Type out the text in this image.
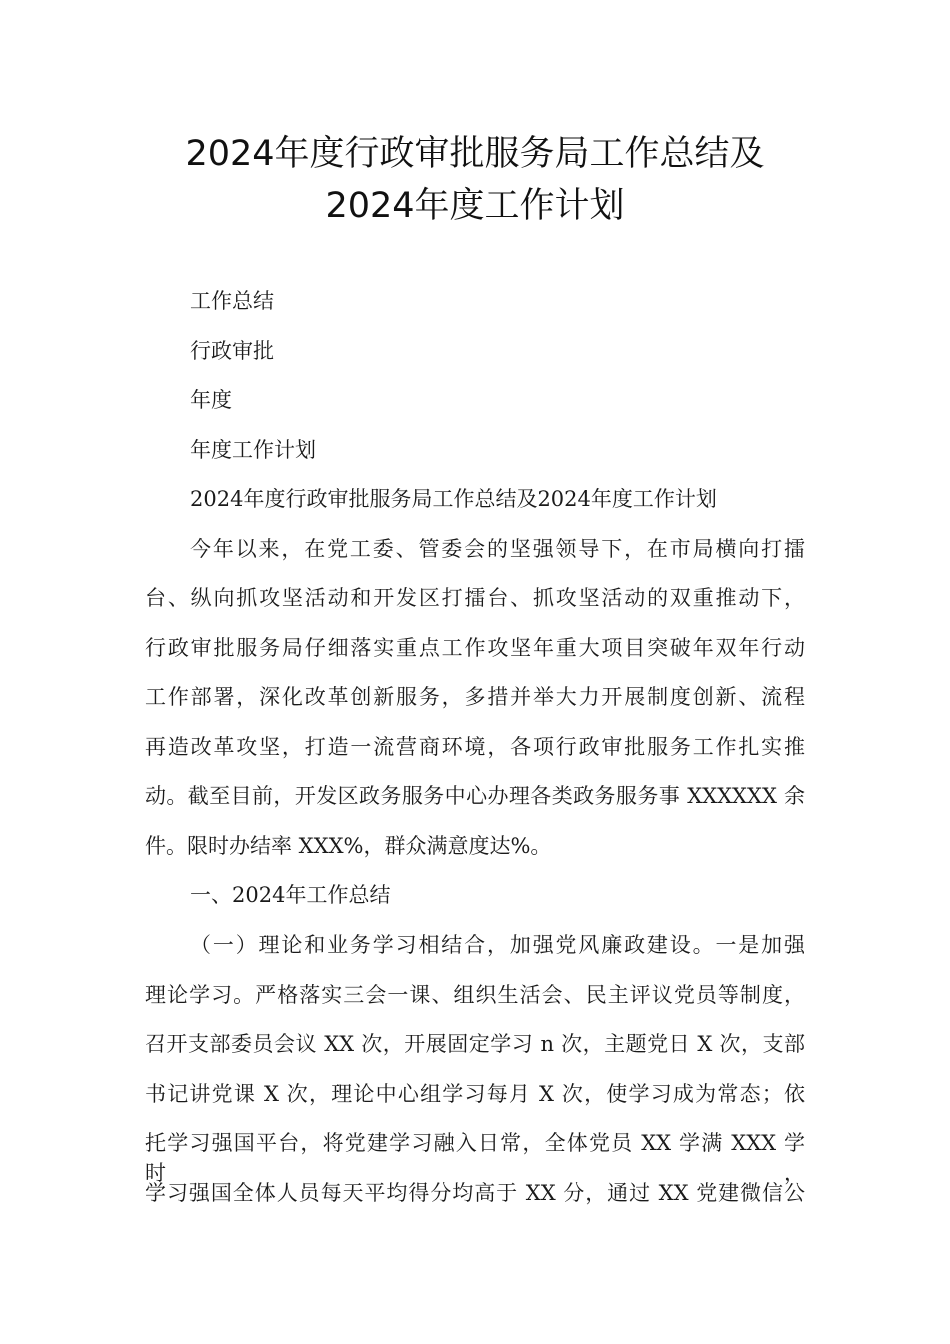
2024年度行政审批服务局工作总结及
2024年度工作计划

工作总结

行政审批

年度

年度工作计划

2024年度行政审批服务局工作总结及2024年度工作计划

今年以来，在党工委、管委会的坚强领导下，在市局横向打擂

台、纵向抓攻坚活动和开发区打擂台、抓攻坚活动的双重推动下，

行政审批服务局仔细落实重点工作攻坚年重大项目突破年双年行动

工作部署，深化改革创新服务，多措并举大力开展制度创新、流程

再造改革攻坚，打造一流营商环境，各项行政审批服务工作扎实推

动。截至目前，开发区政务服务中心办理各类政务服务事 XXXXXX 余

件。限时办结率 XXX%，群众满意度达%。

一、2024年工作总结

（一）理论和业务学习相结合，加强党风廉政建设。一是加强

理论学习。严格落实三会一课、组织生活会、民主评议党员等制度，

召开支部委员会议 XX 次，开展固定学习 n 次，主题党日 X 次，支部

书记讲党课 X 次，理论中心组学习每月 X 次，使学习成为常态；依

托学习强国平台，将党建学习融入日常，全体党员 XX 学满 XXX 学时，

学习强国全体人员每天平均得分均高于 XX 分，通过 XX 党建微信公
